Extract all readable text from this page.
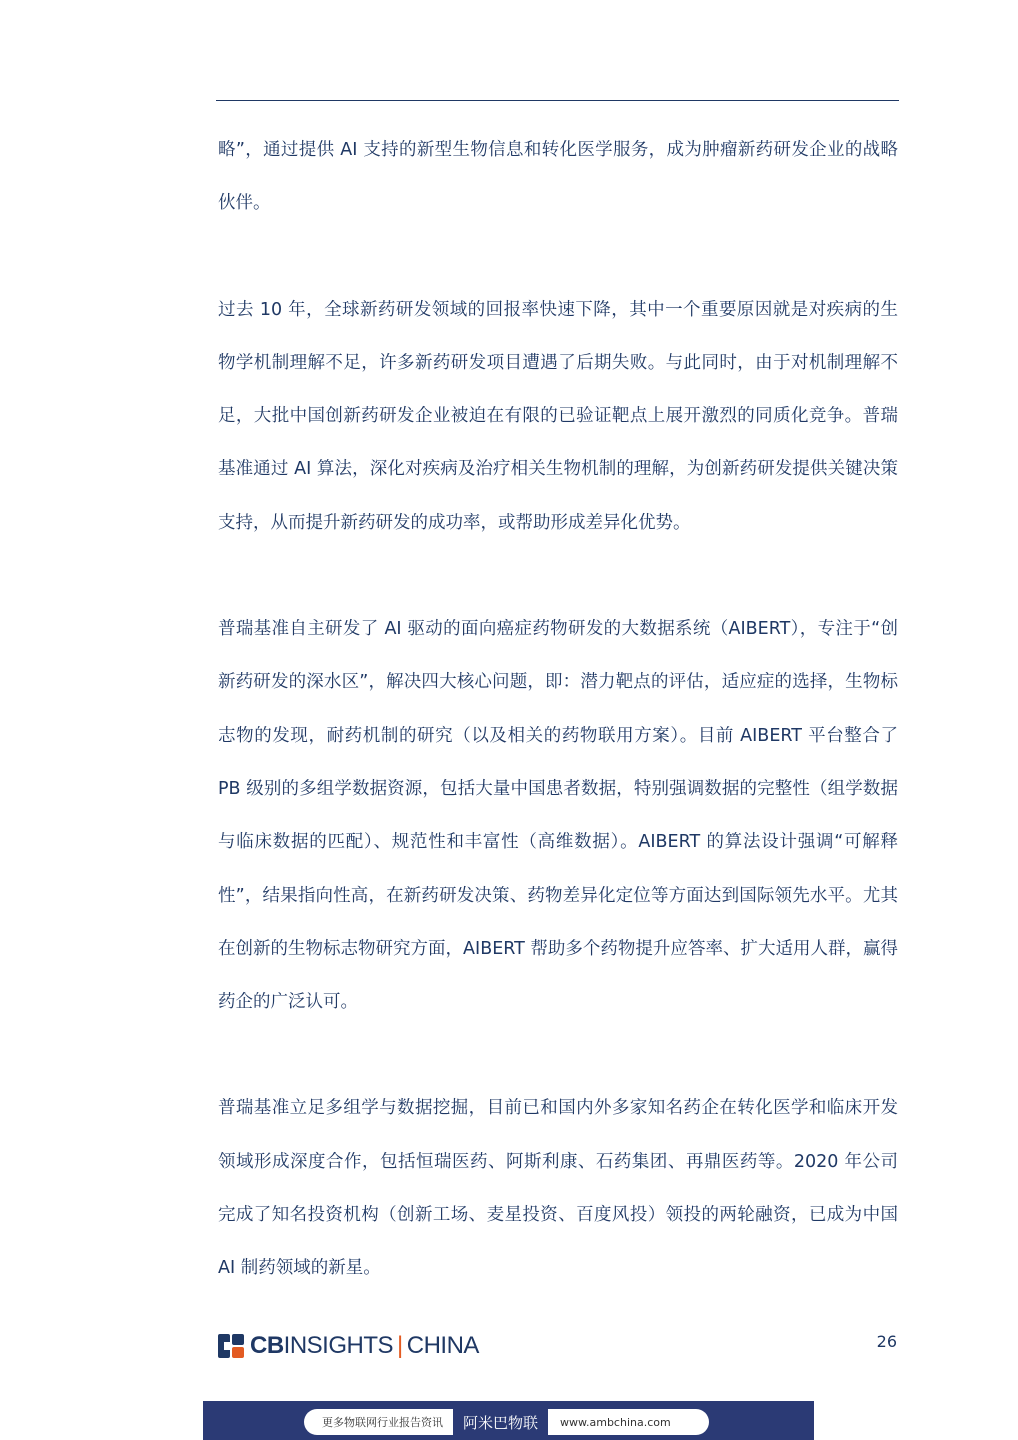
略”，通过提供 AI 支持的新型生物信息和转化医学服务，成为肿瘤新药研发企业的战略伙伴。

过去 10 年，全球新药研发领域的回报率快速下降，其中一个重要原因就是对疾病的生物学机制理解不足，许多新药研发项目遭遇了后期失败。与此同时，由于对机制理解不足，大批中国创新药研发企业被迫在有限的已验证靶点上展开激烈的同质化竞争。普瑞基准通过 AI 算法，深化对疾病及治疗相关生物机制的理解，为创新药研发提供关键决策支持，从而提升新药研发的成功率，或帮助形成差异化优势。

普瑞基准自主研发了 AI 驱动的面向癌症药物研发的大数据系统（AIBERT），专注于“创新药研发的深水区”，解决四大核心问题，即：潜力靶点的评估，适应症的选择，生物标志物的发现，耐药机制的研究（以及相关的药物联用方案）。目前 AIBERT 平台整合了 PB 级别的多组学数据资源，包括大量中国患者数据，特别强调数据的完整性（组学数据与临床数据的匹配）、规范性和丰富性（高维数据）。AIBERT 的算法设计强调“可解释性”，结果指向性高，在新药研发决策、药物差异化定位等方面达到国际领先水平。尤其在创新的生物标志物研究方面，AIBERT 帮助多个药物提升应答率、扩大适用人群，赢得药企的广泛认可。

普瑞基准立足多组学与数据挖掘，目前已和国内外多家知名药企在转化医学和临床开发领域形成深度合作，包括恒瑞医药、阿斯利康、石药集团、再鼎医药等。2020 年公司完成了知名投资机构（创新工场、麦星投资、百度风投）领投的两轮融资，已成为中国 AI 制药领域的新星。

CBINSIGHTS | CHINA	26
更多物联网行业报告资讯	阿米巴物联	www.ambchina.com
